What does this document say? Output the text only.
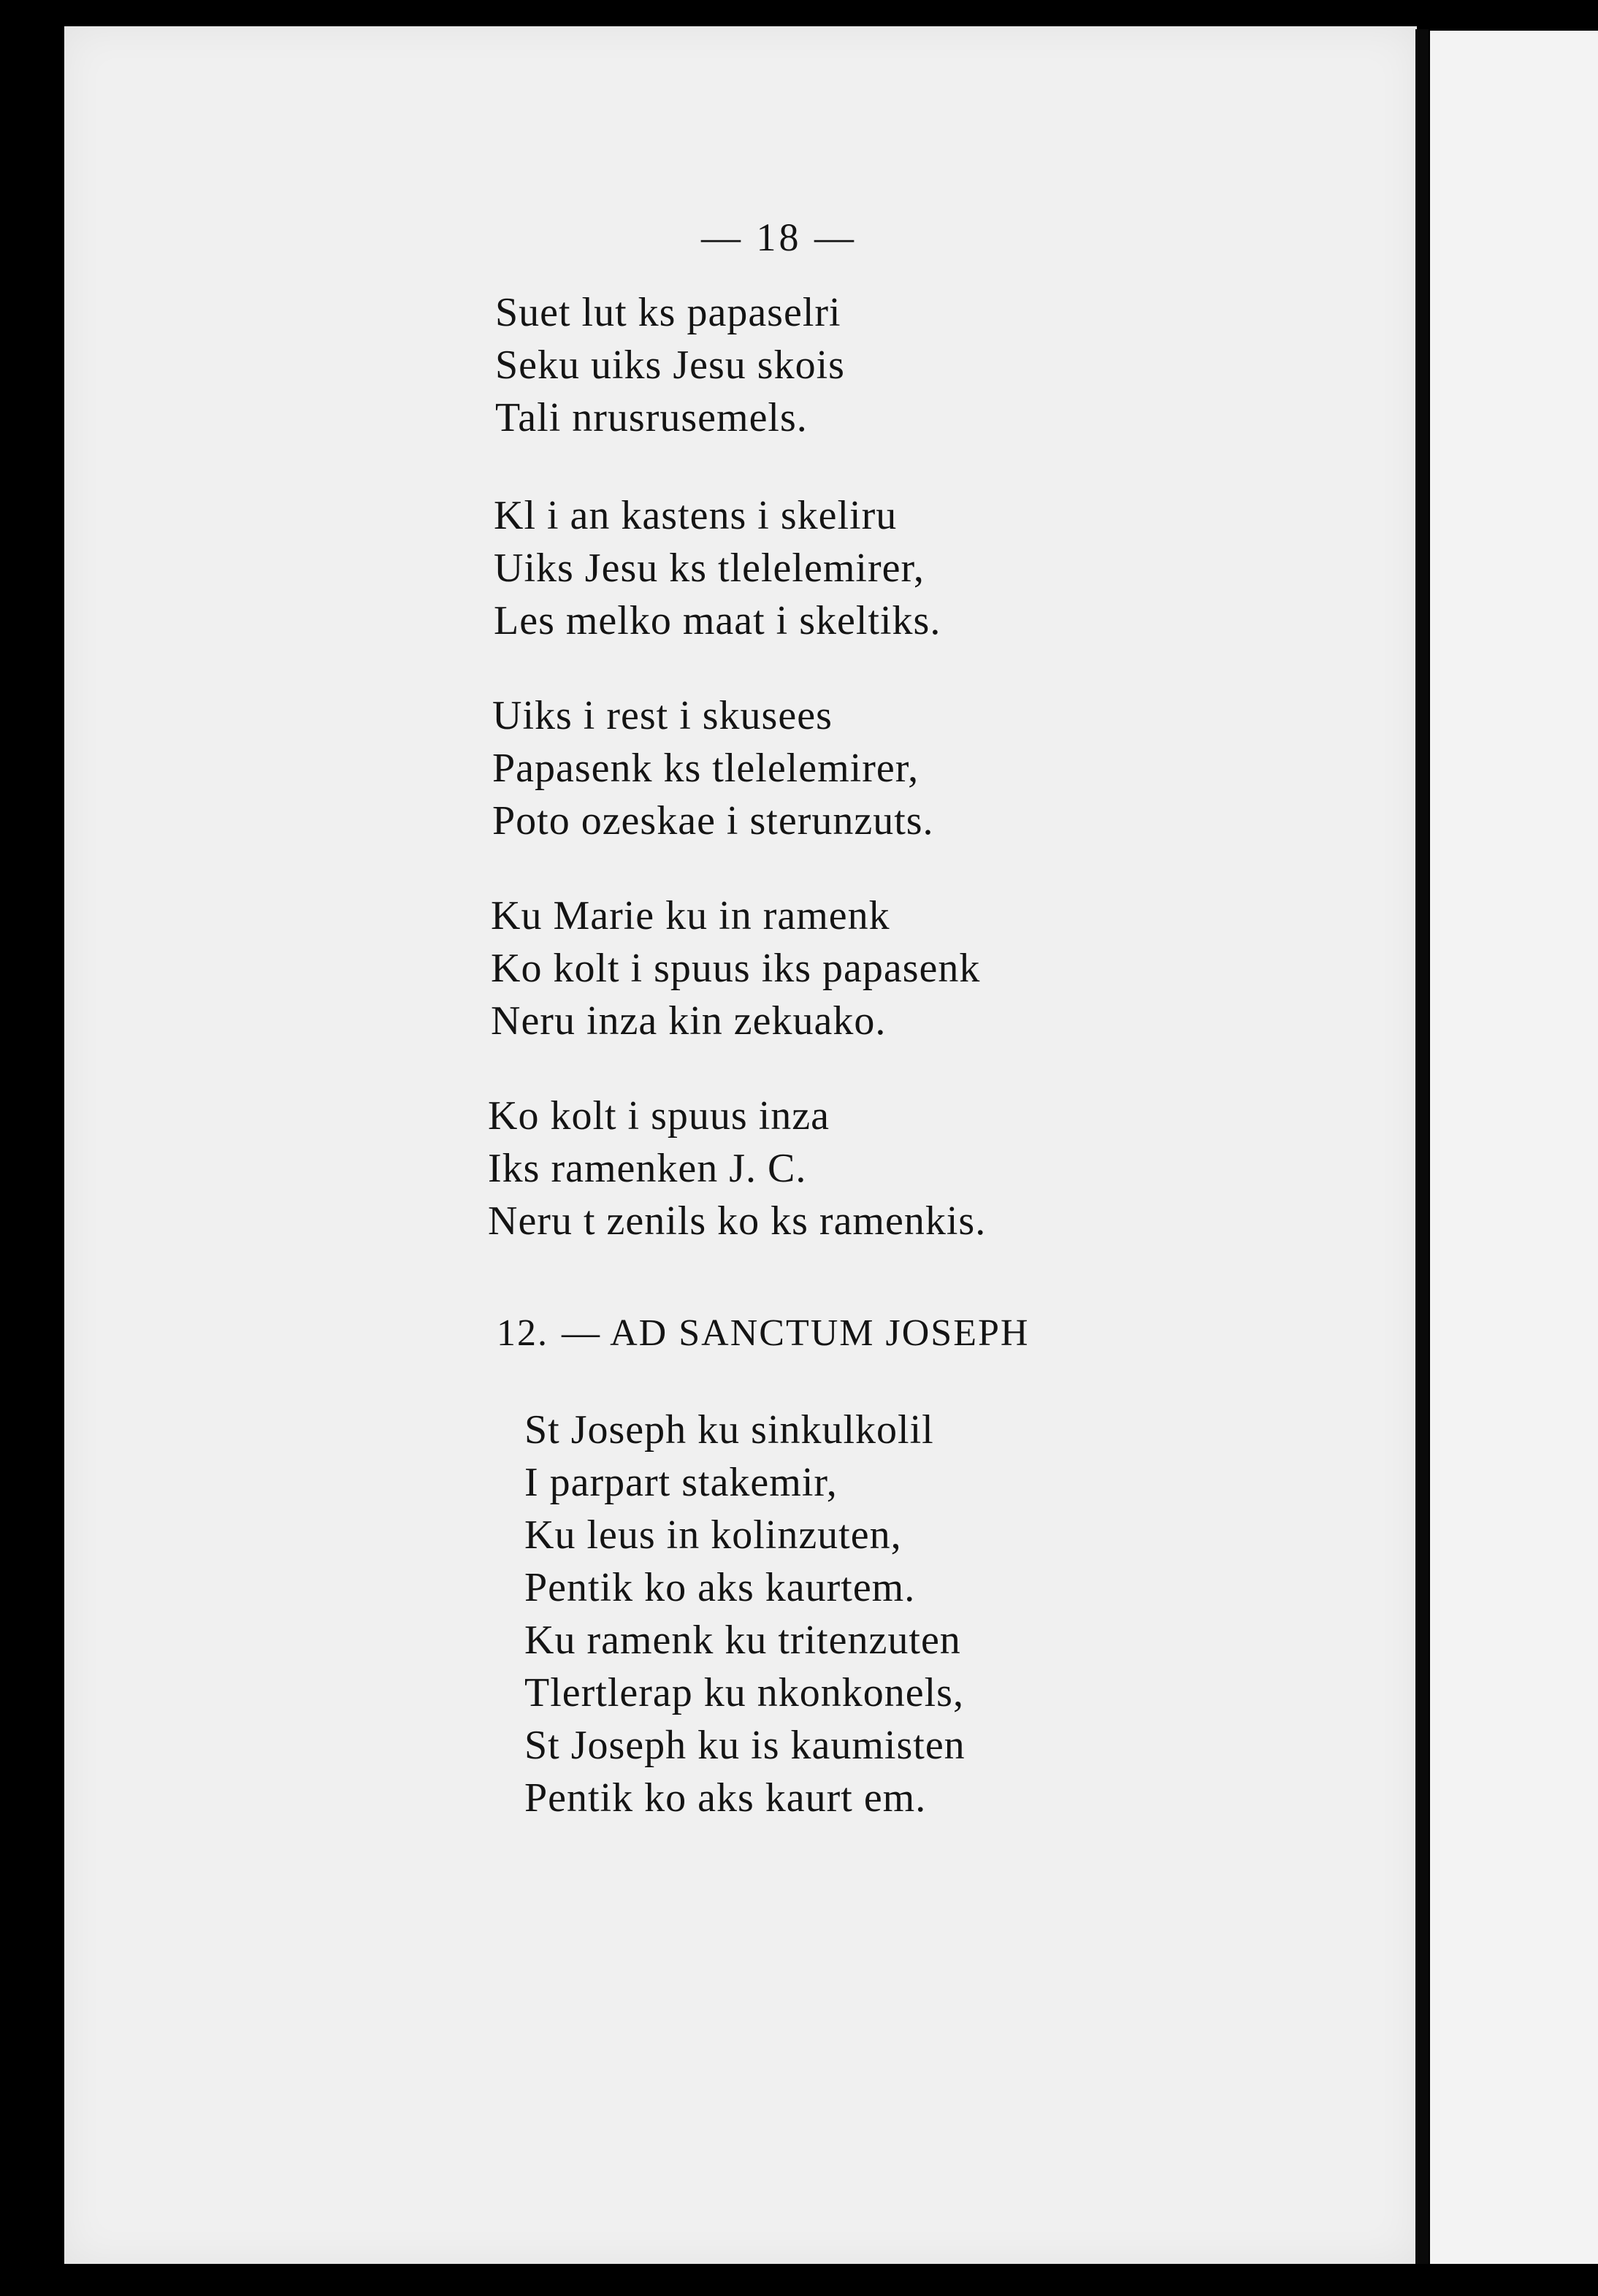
— 18 —

Suet lut ks papaselri
Seku uiks Jesu skois
Tali nrusrusemels.
Kl i an kastens i skeliru
Uiks Jesu ks tlelelemirer,
Les melko maat i skeltiks.
Uiks i rest i skusees
Papasenk ks tlelelemirer,
Poto ozeskae i sterunzuts.
Ku Marie ku in ramenk
Ko kolt i spuus iks papasenk
Neru inza kin zekuako.
Ko kolt i spuus inza
Iks ramenken J. C.
Neru t zenils ko ks ramenkis.
12. — AD SANCTUM JOSEPH
St Joseph ku sinkulkolil
I parpart stakemir,
Ku leus in kolinzuten,
Pentik ko aks kaurtem.
Ku ramenk ku tritenzuten
Tlertlerap ku nkonkonels,
St Joseph ku is kaumisten
Pentik ko aks kaurt em.
